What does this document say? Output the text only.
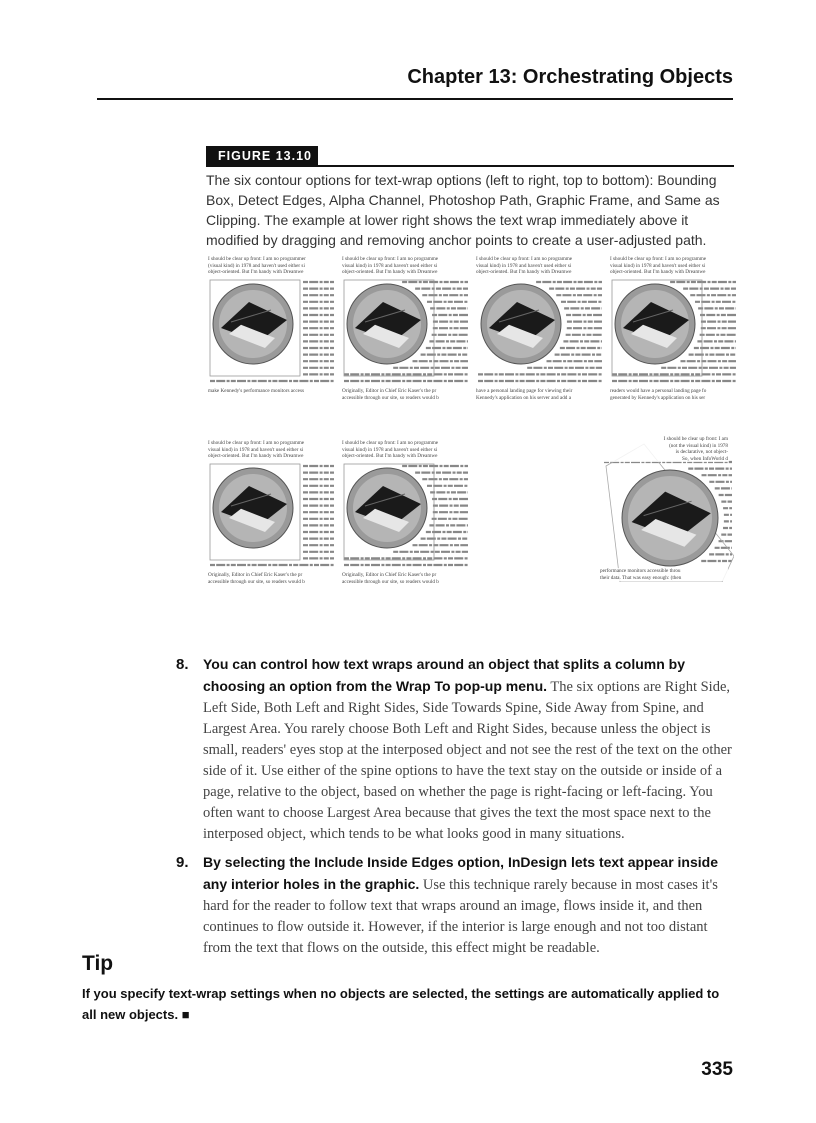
Chapter 13: Orchestrating Objects
FIGURE 13.10
The six contour options for text-wrap options (left to right, top to bottom): Bounding Box, Detect Edges, Alpha Channel, Photoshop Path, Graphic Frame, and Same as Clipping. The example at lower right shows the text wrap immediately above it modified by dragging and removing anchor points to create a user-adjusted path.
I should be clear up front: I am no programmer
(visual kind) in 1978 and haven't used either si
object-oriented. But I'm handy with Dreamwe
make Kennedy's performance monitors access
I should be clear up front: I am no programme
visual kind) in 1978 and haven't used either si
object-oriented. But I'm handy with Dreamwe
Originally, Editor in Chief Eric Kaser's the pr
accessible through our site, so readers would b
I should be clear up front: I am no programme
visual kind) in 1978 and haven't used either si
object-oriented. But I'm handy with Dreamwe
have a personal landing page for viewing their
Kennedy's application on his server and add a
I should be clear up front: I am no programme
visual kind) in 1978 and haven't used either si
object-oriented. But I'm handy with Dreamwe
readers would have a personal landing page fo
generated by Kennedy's application on his ser
I should be clear up front: I am no programme
visual kind) in 1978 and haven't used either si
object-oriented. But I'm handy with Dreamwe
Originally, Editor in Chief Eric Kaser's the pr
accessible through our site, so readers would b
I should be clear up front: I am no programme
visual kind) in 1978 and haven't used either si
object-oriented. But I'm handy with Dreamwe
Originally, Editor in Chief Eric Kaser's the pr
accessible through our site, so readers would b
I should be clear up front: I am
(not the visual kind) in 1978
is declarative, not object-
So, when InfoWorld d
performance monitors accessible throu
their data. That was easy enough: (then
8. You can control how text wraps around an object that splits a column by choosing an option from the Wrap To pop-up menu. The six options are Right Side, Left Side, Both Left and Right Sides, Side Towards Spine, Side Away from Spine, and Largest Area. You rarely choose Both Left and Right Sides, because unless the object is small, readers' eyes stop at the interposed object and not see the rest of the text on the other side of it. Use either of the spine options to have the text stay on the outside or inside of a page, relative to the object, based on whether the page is right-facing or left-facing. You often want to choose Largest Area because that gives the text the most space next to the interposed object, which tends to be what looks good in many situations.
9. By selecting the Include Inside Edges option, InDesign lets text appear inside any interior holes in the graphic. Use this technique rarely because in most cases it's hard for the reader to follow text that wraps around an image, flows inside it, and then continues to flow outside it. However, if the interior is large enough and not too distant from the text that flows on the outside, this effect might be readable.
Tip
If you specify text-wrap settings when no objects are selected, the settings are automatically applied to all new objects. ■
335
